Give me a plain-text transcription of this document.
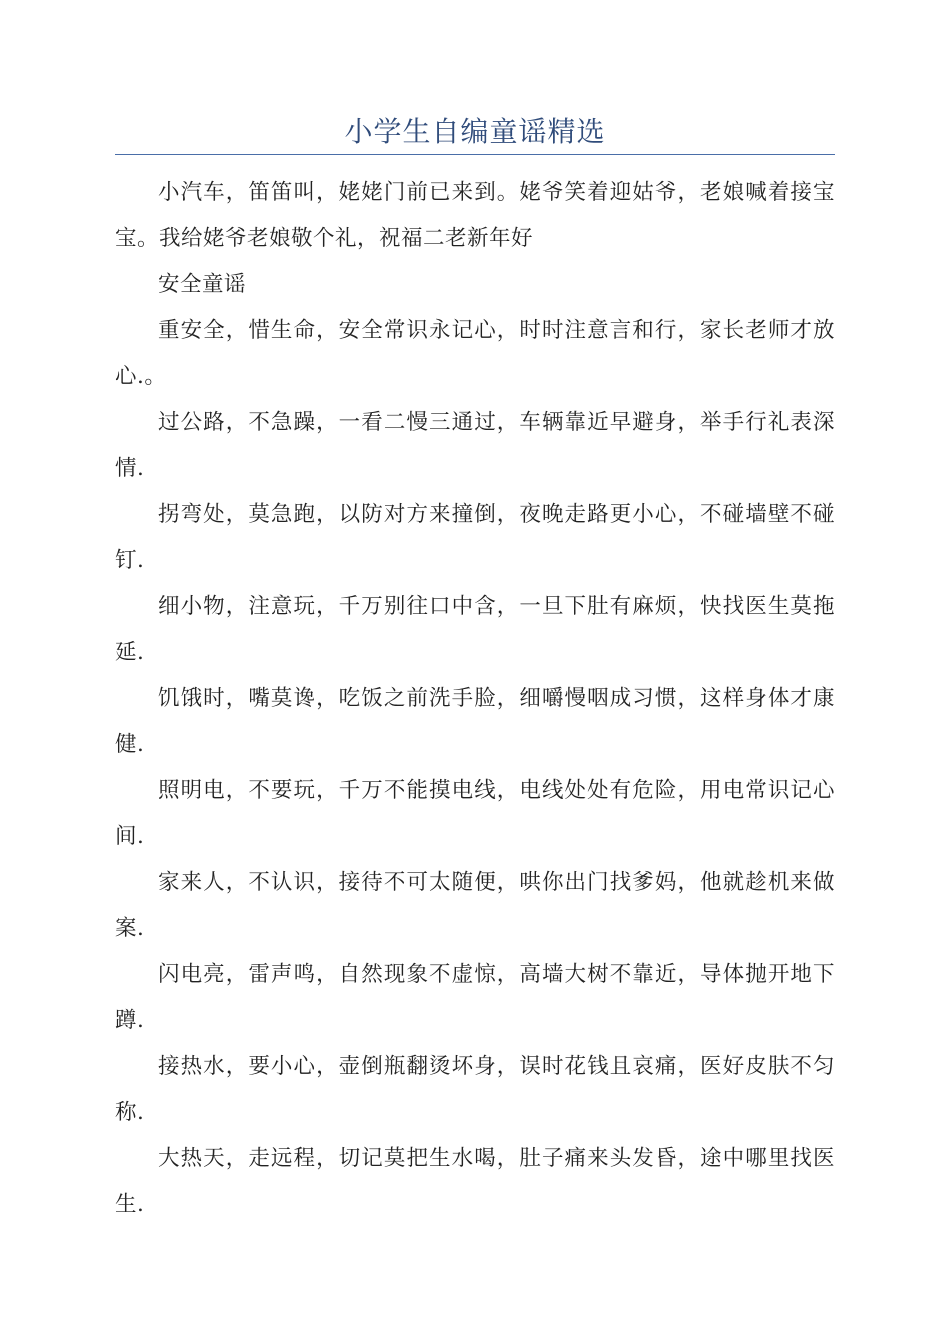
小学生自编童谣精选

小汽车，笛笛叫，姥姥门前已来到。姥爷笑着迎姑爷，老娘喊着接宝宝。我给姥爷老娘敬个礼，祝福二老新年好

安全童谣

重安全，惜生命，安全常识永记心，时时注意言和行，家长老师才放心.。

过公路，不急躁，一看二慢三通过，车辆靠近早避身，举手行礼表深情.

拐弯处，莫急跑，以防对方来撞倒，夜晚走路更小心，不碰墙壁不碰钉.

细小物，注意玩，千万别往口中含，一旦下肚有麻烦，快找医生莫拖延.

饥饿时，嘴莫谗，吃饭之前洗手脸，细嚼慢咽成习惯，这样身体才康健.

照明电，不要玩，千万不能摸电线，电线处处有危险，用电常识记心间.

家来人，不认识，接待不可太随便，哄你出门找爹妈，他就趁机来做案.

闪电亮，雷声鸣，自然现象不虚惊，高墙大树不靠近，导体抛开地下蹲.

接热水，要小心，壶倒瓶翻烫坏身，误时花钱且哀痛，医好皮肤不匀称.

大热天，走远程，切记莫把生水喝，肚子痛来头发昏，途中哪里找医生.
